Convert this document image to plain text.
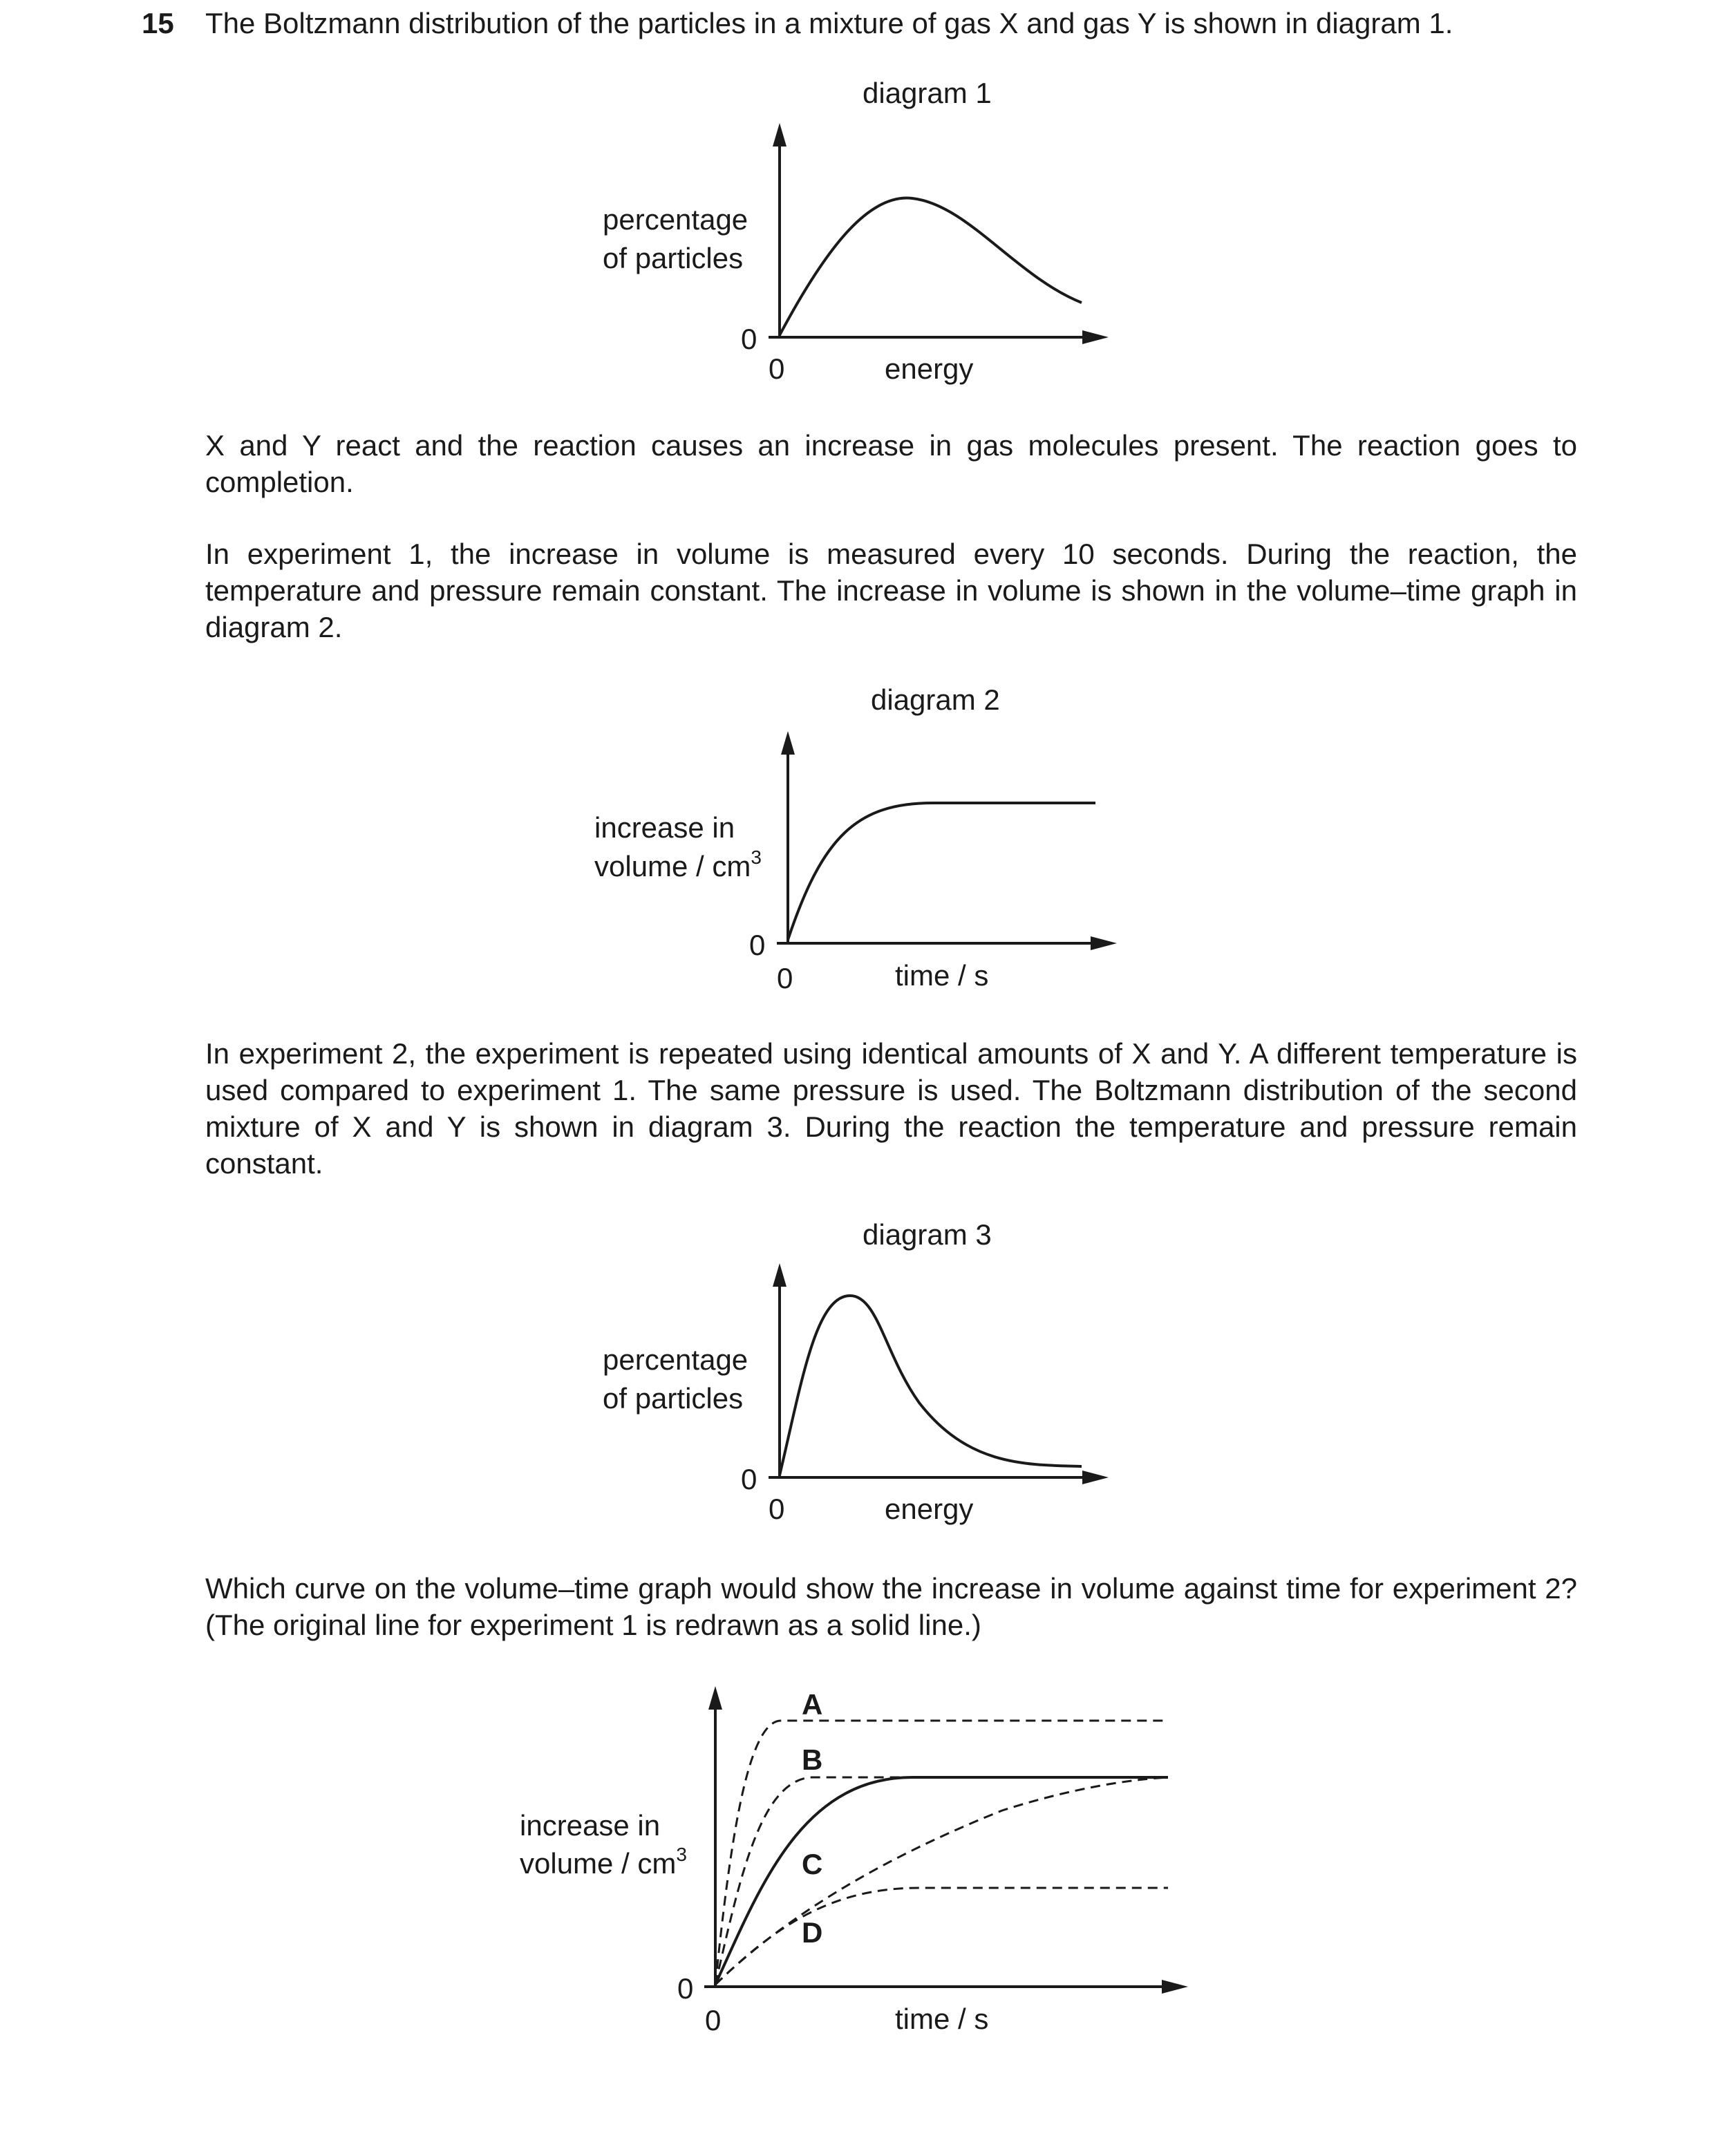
15 The Boltzmann distribution of the particles in a mixture of gas X and gas Y is shown in diagram 1.
diagram 1
percentage
of particles
0
0	energy
X and Y react and the reaction causes an increase in gas molecules present. The reaction goes to completion.
In experiment 1, the increase in volume is measured every 10 seconds. During the reaction, the temperature and pressure remain constant. The increase in volume is shown in the volume–time graph in diagram 2.
diagram 2
increase in
volume / $cm^3$
0
0	time / s
In experiment 2, the experiment is repeated using identical amounts of X and Y. A different temperature is used compared to experiment 1. The same pressure is used. The Boltzmann distribution of the second mixture of X and Y is shown in diagram 3. During the reaction the temperature and pressure remain constant.
diagram 3
percentage
of particles
0
0	energy
Which curve on the volume–time graph would show the increase in volume against time for experiment 2? (The original line for experiment 1 is redrawn as a solid line.)
increase in
volume / $cm^3$
0
0	time / s
A
B
C
D
